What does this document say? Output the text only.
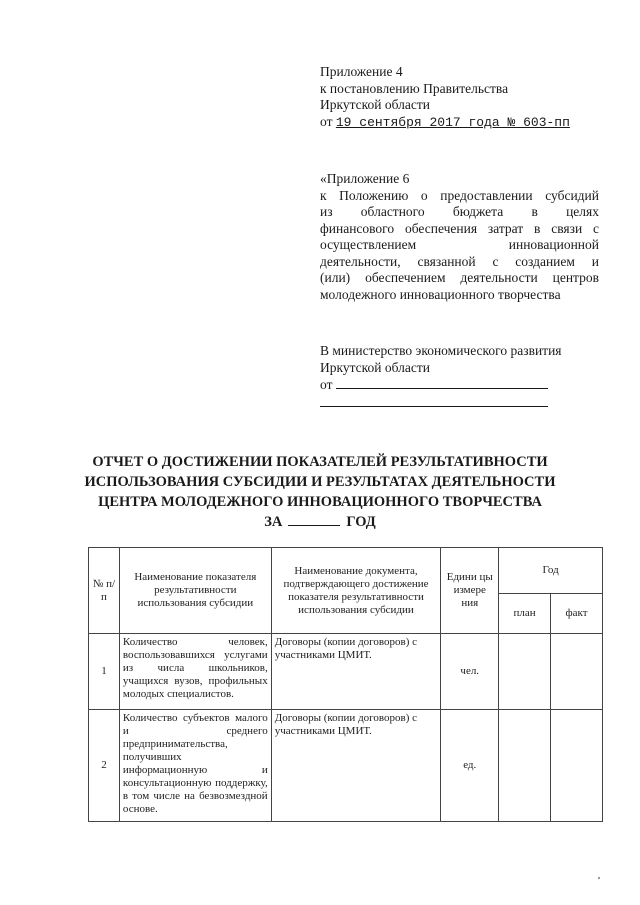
Приложение 4
к постановлению Правительства
Иркутской области
от 19 сентября 2017 года № 603-пп
«Приложение 6
к Положению о предоставлении субсидий
из областного бюджета в целях
финансового обеспечения затрат в связи с
осуществлением инновационной
деятельности, связанной с созданием и
(или) обеспечением деятельности центров
молодежного инновационного творчества
В министерство экономического развития
Иркутской области
от
ОТЧЕТ О ДОСТИЖЕНИИ ПОКАЗАТЕЛЕЙ РЕЗУЛЬТАТИВНОСТИ
ИСПОЛЬЗОВАНИЯ СУБСИДИИ И РЕЗУЛЬТАТАХ ДЕЯТЕЛЬНОСТИ
ЦЕНТРА МОЛОДЕЖНОГО ИННОВАЦИОННОГО ТВОРЧЕСТВА
ЗА	ГОД
№ п/п	Наименование показателя результативности использования субсидии	Наименование документа, подтверждающего достижение показателя результативности использования субсидии	Едини цы измере ния	Год	
				план	факт
1	Количество человек, воспользовавшихся услугами из числа школьников, учащихся вузов, профильных молодых специалистов.	Договоры (копии договоров) с участниками ЦМИТ.	чел.		
2	Количество субъектов малого и среднего предпринимательства, получивших информационную и консультационную поддержку, в том числе на безвозмездной основе.	Договоры (копии договоров) с участниками ЦМИТ.	ед.		
